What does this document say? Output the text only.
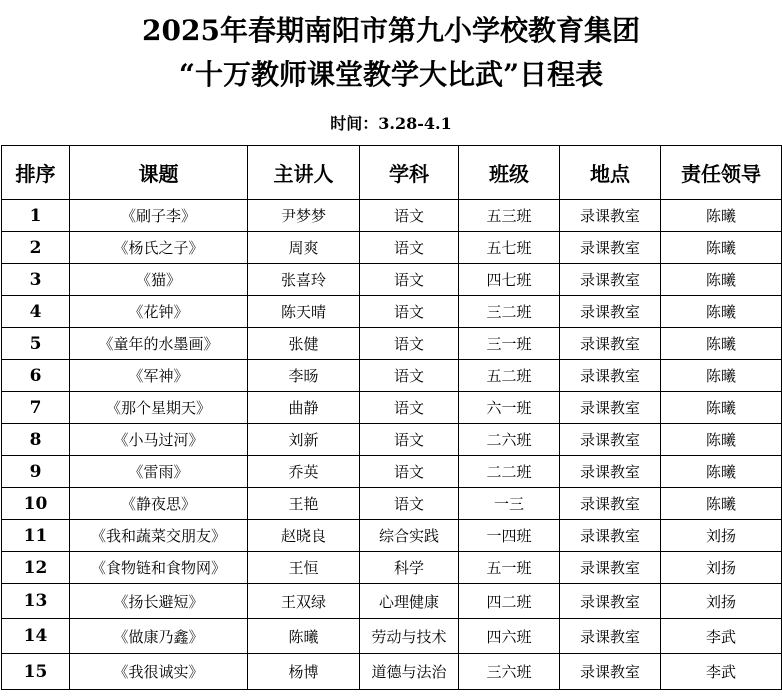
2025年春期南阳市第九小学校教育集团
“十万教师课堂教学大比武”日程表
时间：3.28-4.1
排序	课题	主讲人	学科	班级	地点	责任领导
1	《刷子李》	尹梦梦	语文	五三班	录课教室	陈曦
2	《杨氏之子》	周爽	语文	五七班	录课教室	陈曦
3	《猫》	张喜玲	语文	四七班	录课教室	陈曦
4	《花钟》	陈天晴	语文	三二班	录课教室	陈曦
5	《童年的水墨画》	张健	语文	三一班	录课教室	陈曦
6	《军神》	李旸	语文	五二班	录课教室	陈曦
7	《那个星期天》	曲静	语文	六一班	录课教室	陈曦
8	《小马过河》	刘新	语文	二六班	录课教室	陈曦
9	《雷雨》	乔英	语文	二二班	录课教室	陈曦
10	《静夜思》	王艳	语文	一三	录课教室	陈曦
11	《我和蔬菜交朋友》	赵晓良	综合实践	一四班	录课教室	刘扬
12	《食物链和食物网》	王恒	科学	五一班	录课教室	刘扬
13	《扬长避短》	王双绿	心理健康	四二班	录课教室	刘扬
14	《做康乃鑫》	陈曦	劳动与技术	四六班	录课教室	李武
15	《我很诚实》	杨博	道德与法治	三六班	录课教室	李武
